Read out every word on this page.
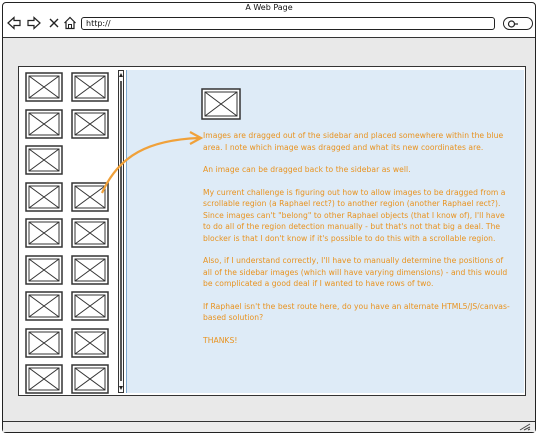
A Web Page
http://

Images are dragged out of the sidebar and placed somewhere within the blue area. I note which image was dragged and what its new coordinates are.

An image can be dragged back to the sidebar as well.

My current challenge is figuring out how to allow images to be dragged from a scrollable region (a Raphael rect?) to another region (another Raphael rect?). Since images can't "belong" to other Raphael objects (that I know of), I'll have to do all of the region detection manually - but that's not that big a deal. The blocker is that I don't know if it's possible to do this with a scrollable region.

Also, if I understand correctly, I'll have to manually determine the positions of all of the sidebar images (which will have varying dimensions) - and this would be complicated a good deal if I wanted to have rows of two.

If Raphael isn't the best route here, do you have an alternate HTML5/JS/canvas-based solution?

THANKS!
